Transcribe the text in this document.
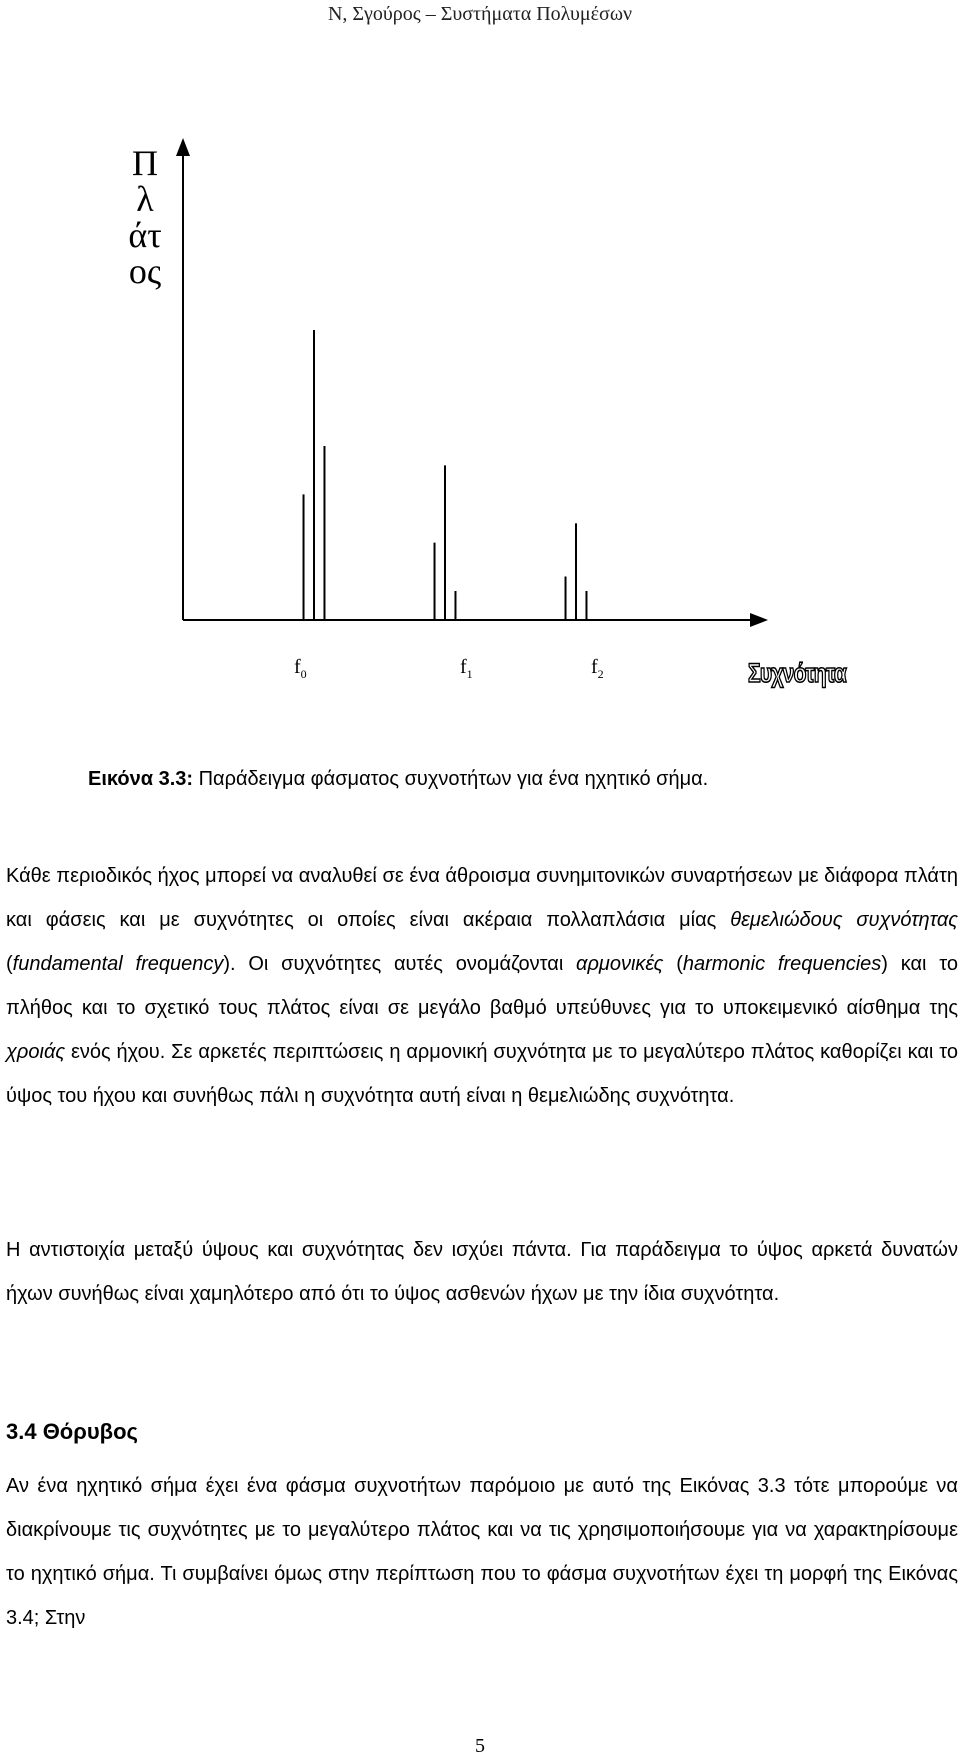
Ν, Σγούρος – Συστήματα Πολυμέσων
Πλάτος
$f_0$	$f_1$	$f_2$	Συχνότητα
Εικόνα 3.3: Παράδειγμα φάσματος συχνοτήτων για ένα ηχητικό σήμα.

Κάθε περιοδικός ήχος μπορεί να αναλυθεί σε ένα άθροισμα συνημιτονικών συναρτήσεων με διάφορα πλάτη και φάσεις και με συχνότητες οι οποίες είναι ακέραια πολλαπλάσια μίας θεμελιώδους συχνότητας (fundamental frequency). Οι συχνότητες αυτές ονομάζονται αρμονικές (harmonic frequencies) και το πλήθος και το σχετικό τους πλάτος είναι σε μεγάλο βαθμό υπεύθυνες για το υποκειμενικό αίσθημα της χροιάς ενός ήχου. Σε αρκετές περιπτώσεις η αρμονική συχνότητα με το μεγαλύτερο πλάτος καθορίζει και το ύψος του ήχου και συνήθως πάλι η συχνότητα αυτή είναι η θεμελιώδης συχνότητα.

Η αντιστοιχία μεταξύ ύψους και συχνότητας δεν ισχύει πάντα. Για παράδειγμα το ύψος αρκετά δυνατών ήχων συνήθως είναι χαμηλότερο από ότι το ύψος ασθενών ήχων με την ίδια συχνότητα.

3.4 Θόρυβος

Αν ένα ηχητικό σήμα έχει ένα φάσμα συχνοτήτων παρόμοιο με αυτό της Εικόνας 3.3 τότε μπορούμε να διακρίνουμε τις συχνότητες με το μεγαλύτερο πλάτος και να τις χρησιμοποιήσουμε για να χαρακτηρίσουμε το ηχητικό σήμα. Τι συμβαίνει όμως στην περίπτωση που το φάσμα συχνοτήτων έχει τη μορφή της Εικόνας 3.4; Στην

5
